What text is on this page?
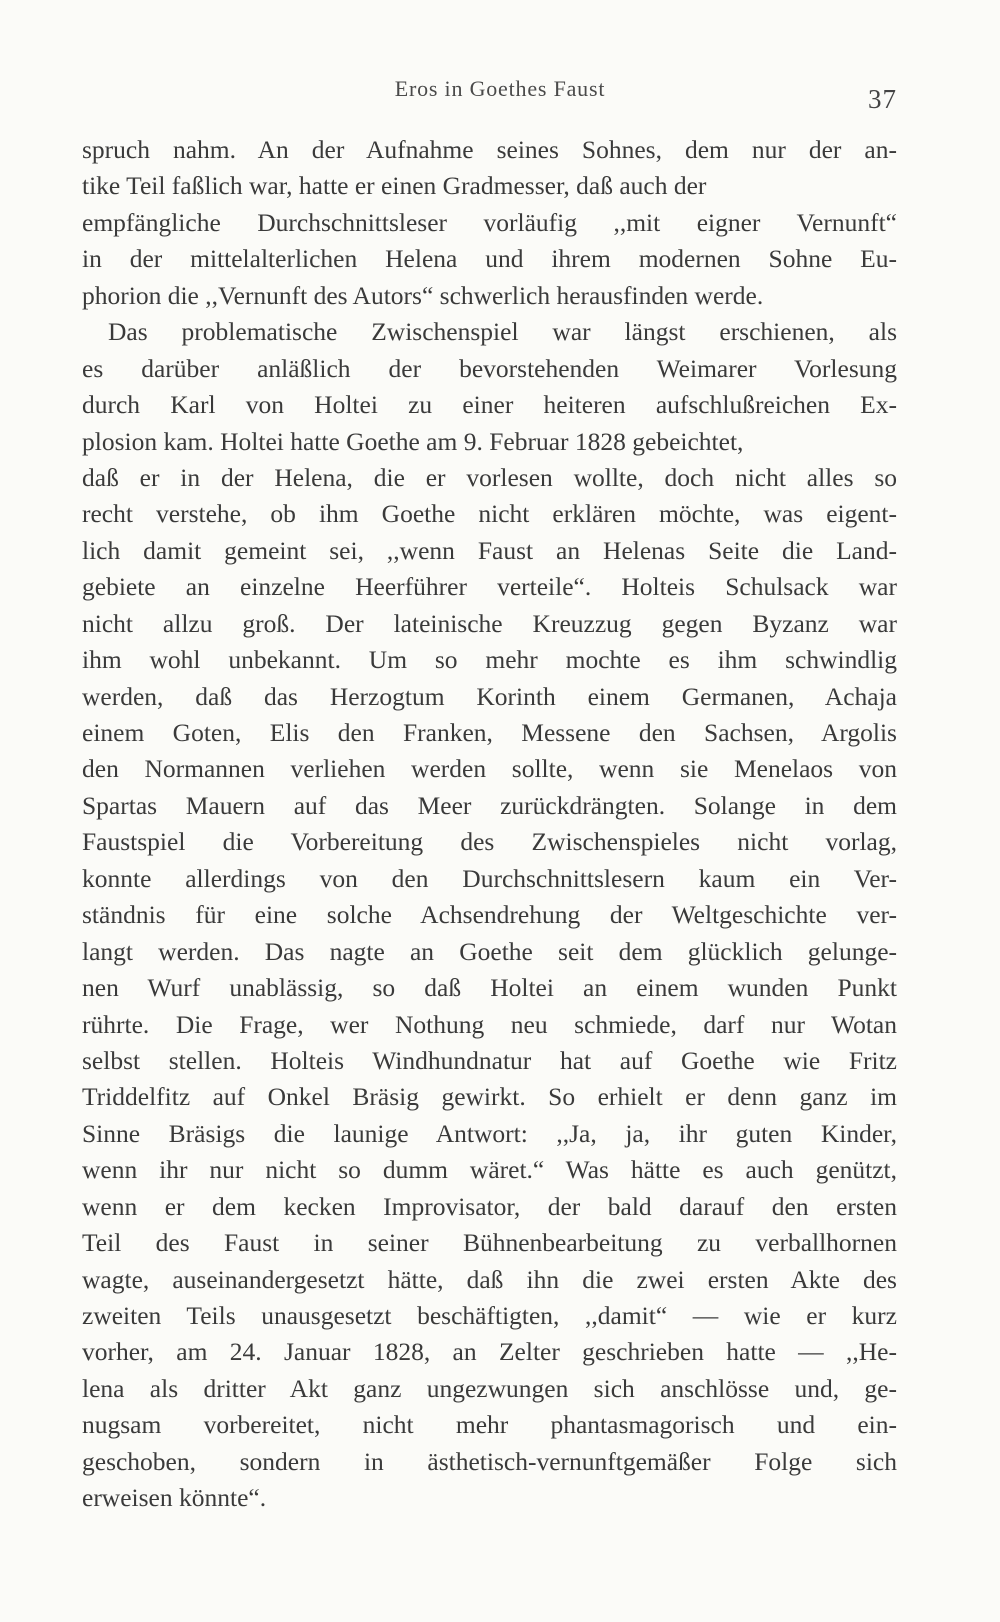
Eros in Goethes Faust	37
spruch nahm. An der Aufnahme seines Sohnes, dem nur der an-
tike Teil faßlich war, hatte er einen Gradmesser, daß auch der
empfängliche Durchschnittsleser vorläufig ,,mit eigner Vernunft“
in der mittelalterlichen Helena und ihrem modernen Sohne Eu-
phorion die ,,Vernunft des Autors“ schwerlich herausfinden werde.
Das problematische Zwischenspiel war längst erschienen, als
es darüber anläßlich der bevorstehenden Weimarer Vorlesung
durch Karl von Holtei zu einer heiteren aufschlußreichen Ex-
plosion kam. Holtei hatte Goethe am 9. Februar 1828 gebeichtet,
daß er in der Helena, die er vorlesen wollte, doch nicht alles so
recht verstehe, ob ihm Goethe nicht erklären möchte, was eigent-
lich damit gemeint sei, ,,wenn Faust an Helenas Seite die Land-
gebiete an einzelne Heerführer verteile“. Holteis Schulsack war
nicht allzu groß. Der lateinische Kreuzzug gegen Byzanz war
ihm wohl unbekannt. Um so mehr mochte es ihm schwindlig
werden, daß das Herzogtum Korinth einem Germanen, Achaja
einem Goten, Elis den Franken, Messene den Sachsen, Argolis
den Normannen verliehen werden sollte, wenn sie Menelaos von
Spartas Mauern auf das Meer zurückdrängten. Solange in dem
Faustspiel die Vorbereitung des Zwischenspieles nicht vorlag,
konnte allerdings von den Durchschnittslesern kaum ein Ver-
ständnis für eine solche Achsendrehung der Weltgeschichte ver-
langt werden. Das nagte an Goethe seit dem glücklich gelunge-
nen Wurf unablässig, so daß Holtei an einem wunden Punkt
rührte. Die Frage, wer Nothung neu schmiede, darf nur Wotan
selbst stellen. Holteis Windhundnatur hat auf Goethe wie Fritz
Triddelfitz auf Onkel Bräsig gewirkt. So erhielt er denn ganz im
Sinne Bräsigs die launige Antwort: ,,Ja, ja, ihr guten Kinder,
wenn ihr nur nicht so dumm wäret.“ Was hätte es auch genützt,
wenn er dem kecken Improvisator, der bald darauf den ersten
Teil des Faust in seiner Bühnenbearbeitung zu verballhornen
wagte, auseinandergesetzt hätte, daß ihn die zwei ersten Akte des
zweiten Teils unausgesetzt beschäftigten, ,,damit“ — wie er kurz
vorher, am 24. Januar 1828, an Zelter geschrieben hatte — ,,He-
lena als dritter Akt ganz ungezwungen sich anschlösse und, ge-
nugsam vorbereitet, nicht mehr phantasmagorisch und ein-
geschoben, sondern in ästhetisch-vernunftgemäßer Folge sich
erweisen könnte“.
